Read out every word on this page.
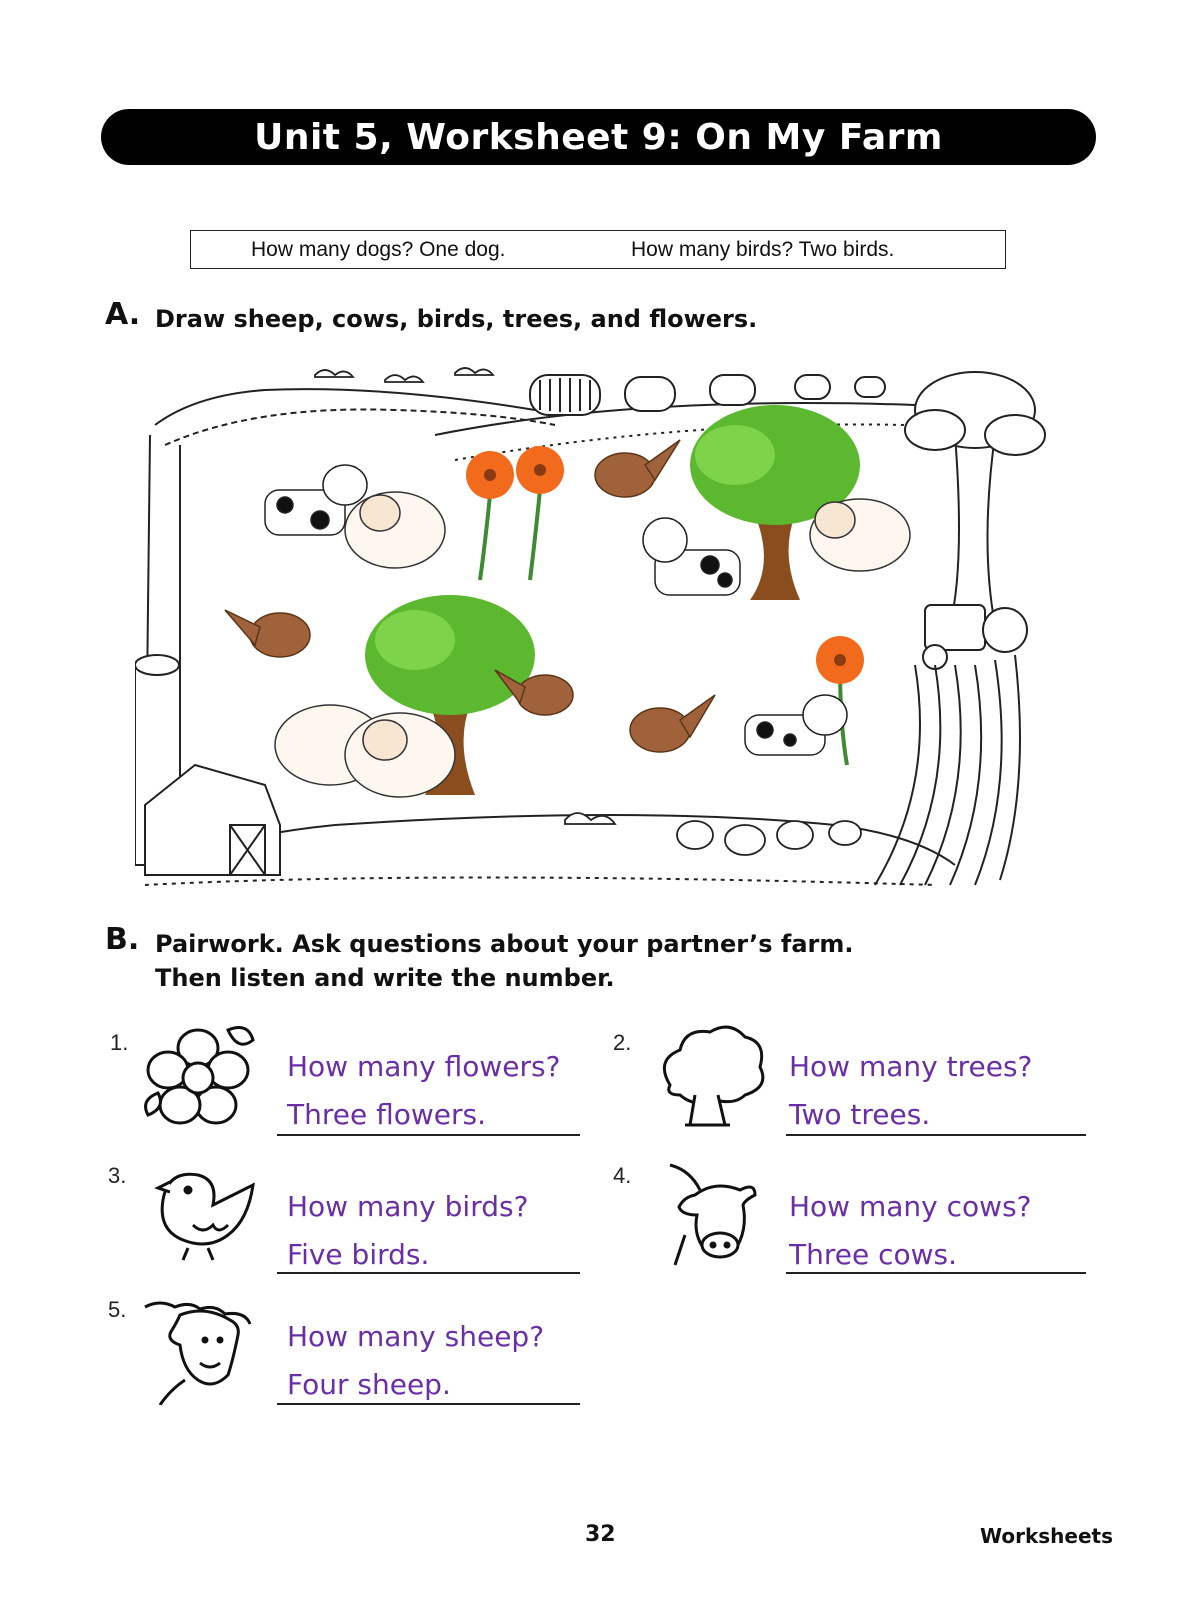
Unit 5, Worksheet 9: On My Farm
How many dogs? One dog.	How many birds? Two birds.
A. Draw sheep, cows, birds, trees, and flowers.
B. Pairwork. Ask questions about your partner’s farm.
Then listen and write the number.
1.
How many flowers?
Three flowers.
2.
How many trees?
Two trees.
3.
How many birds?
Five birds.
4.
How many cows?
Three cows.
5.
How many sheep?
Four sheep.
32	Worksheets
